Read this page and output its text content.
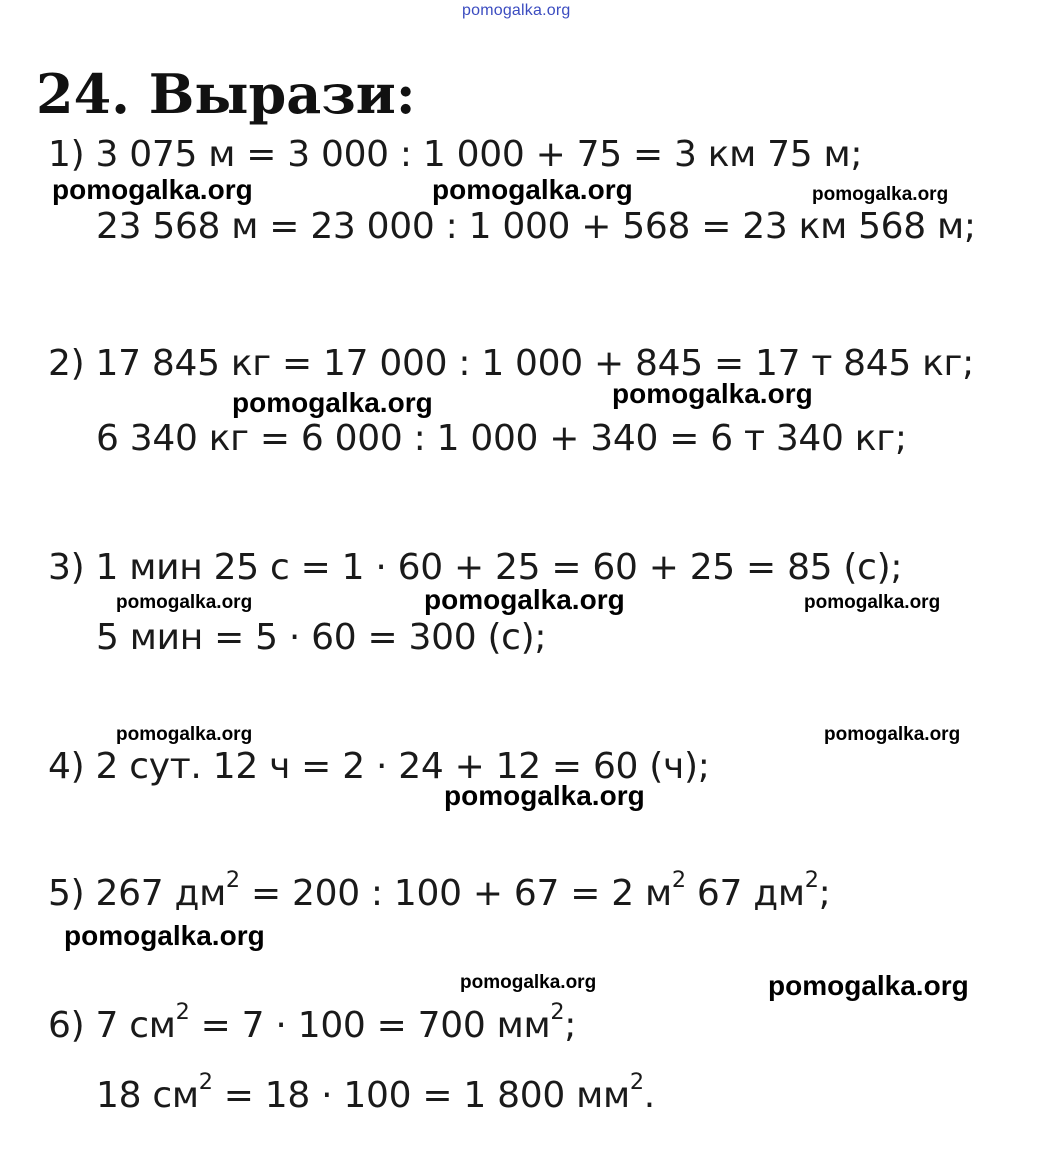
pomogalka.org
24. Вырази:
1) 3 075 м = 3 000 : 1 000 + 75 = 3 км 75 м;
23 568 м = 23 000 : 1 000 + 568 = 23 км 568 м;
2) 17 845 кг = 17 000 : 1 000 + 845 = 17 т 845 кг;
6 340 кг = 6 000 : 1 000 + 340 = 6 т 340 кг;
3) 1 мин 25 с = 1 · 60 + 25 = 60 + 25 = 85 (с);
5 мин = 5 · 60 = 300 (с);
4) 2 сут. 12 ч = 2 · 24 + 12 = 60 (ч);
5) 267 $дм^2 = 200$ : 100 + 67 = 2 $м^2$ 67 $дм^2$;
6) 7 $см^2 = 7 \cdot 100 = 700$ $мм^2$;
18 $см^2 = 18 \cdot 100 = 1$ 800 $мм^2$.
pomogalka.org	pomogalka.org	pomogalka.org
pomogalka.org	pomogalka.org
pomogalka.org	pomogalka.org	pomogalka.org
pomogalka.org	pomogalka.org
pomogalka.org
pomogalka.org
pomogalka.org	pomogalka.org
